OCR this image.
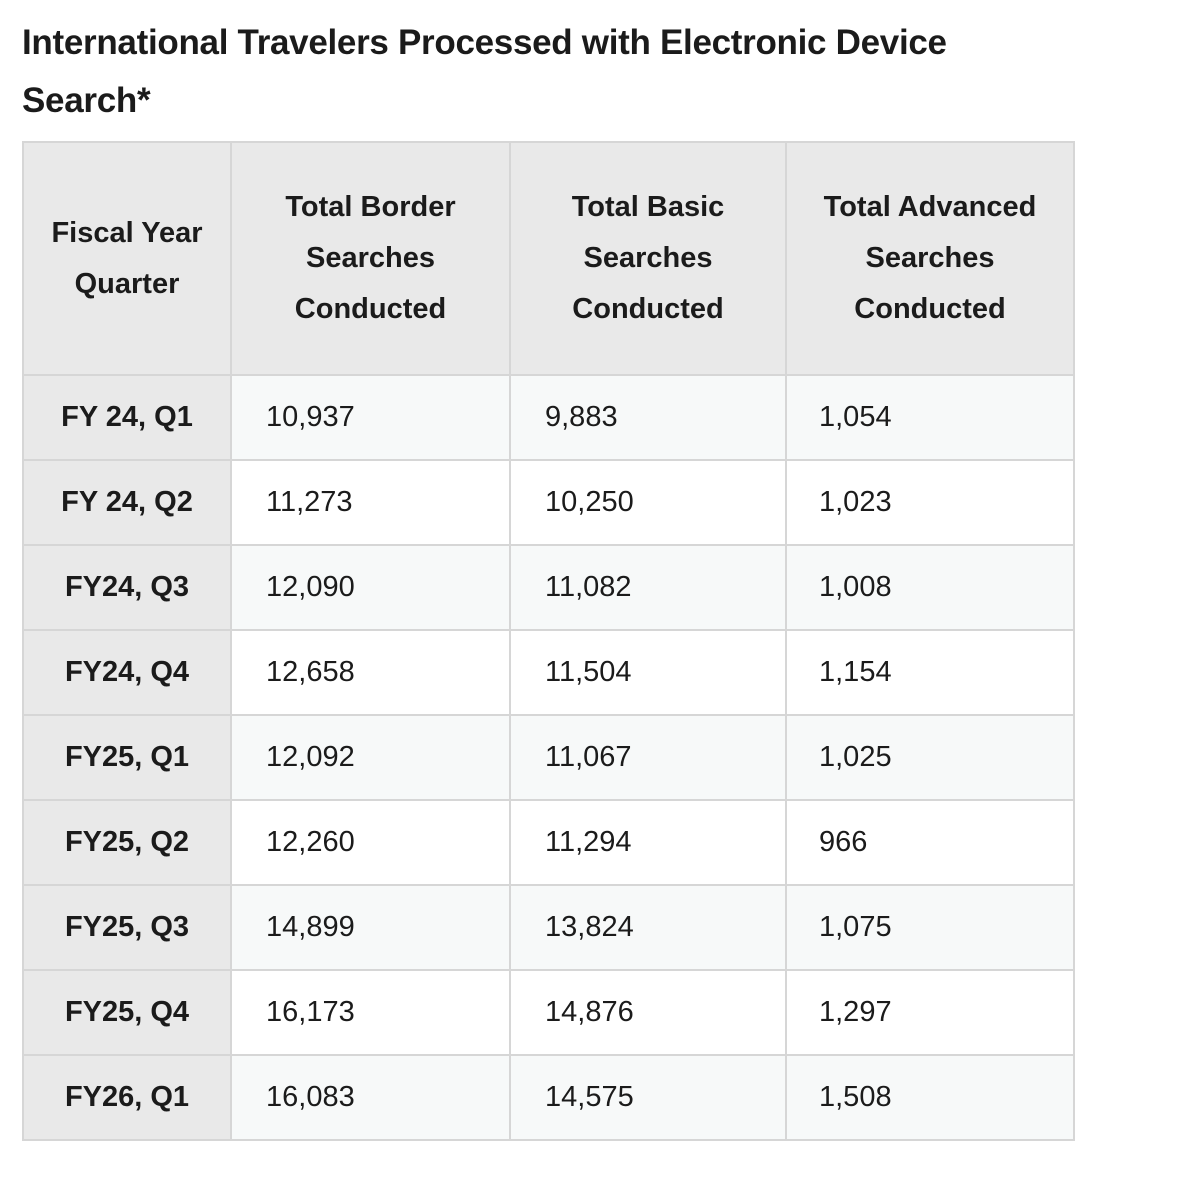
International Travelers Processed with Electronic Device Search*
Fiscal Year Quarter	Total Border Searches Conducted	Total Basic Searches Conducted	Total Advanced Searches Conducted
FY 24, Q1	10,937	9,883	1,054
FY 24, Q2	11,273	10,250	1,023
FY24, Q3	12,090	11,082	1,008
FY24, Q4	12,658	11,504	1,154
FY25, Q1	12,092	11,067	1,025
FY25, Q2	12,260	11,294	966
FY25, Q3	14,899	13,824	1,075
FY25, Q4	16,173	14,876	1,297
FY26, Q1	16,083	14,575	1,508
